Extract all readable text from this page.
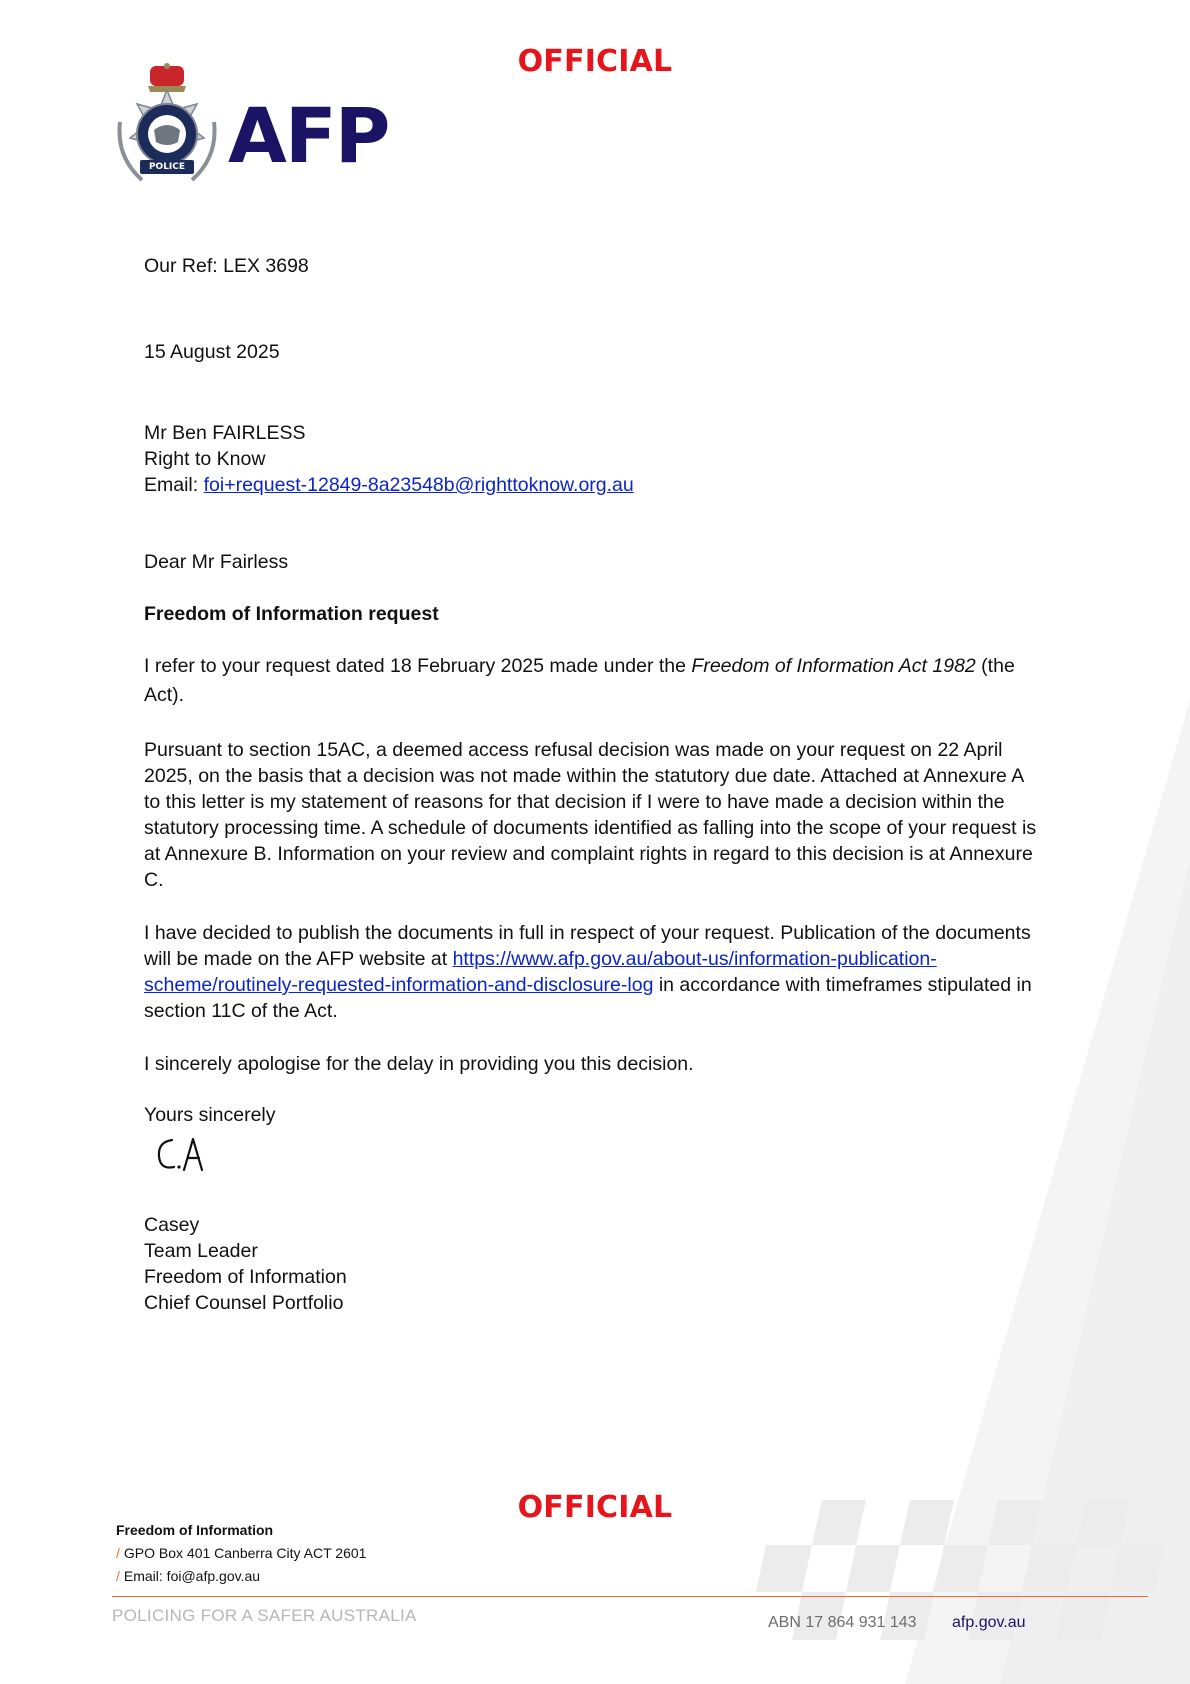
OFFICIAL
POLICE AFP
Our Ref: LEX 3698
15 August 2025
Mr Ben FAIRLESS
Right to Know
Email: foi+request-12849-8a23548b@righttoknow.org.au
Dear Mr Fairless
Freedom of Information request

I refer to your request dated 18 February 2025 made under the Freedom of Information Act 1982 (the Act).

Pursuant to section 15AC, a deemed access refusal decision was made on your request on 22 April 2025, on the basis that a decision was not made within the statutory due date. Attached at Annexure A to this letter is my statement of reasons for that decision if I were to have made a decision within the statutory processing time. A schedule of documents identified as falling into the scope of your request is at Annexure B. Information on your review and complaint rights in regard to this decision is at Annexure C.

I have decided to publish the documents in full in respect of your request. Publication of the documents will be made on the AFP website at https://www.afp.gov.au/about-us/information-publication-scheme/routinely-requested-information-and-disclosure-log in accordance with timeframes stipulated in section 11C of the Act.

I sincerely apologise for the delay in providing you this decision.

Yours sincerely

Casey
Team Leader
Freedom of Information
Chief Counsel Portfolio
OFFICIAL
Freedom of Information
/ GPO Box 401 Canberra City ACT 2601
/ Email: foi@afp.gov.au
POLICING FOR A SAFER AUSTRALIA	ABN 17 864 931 143 afp.gov.au
